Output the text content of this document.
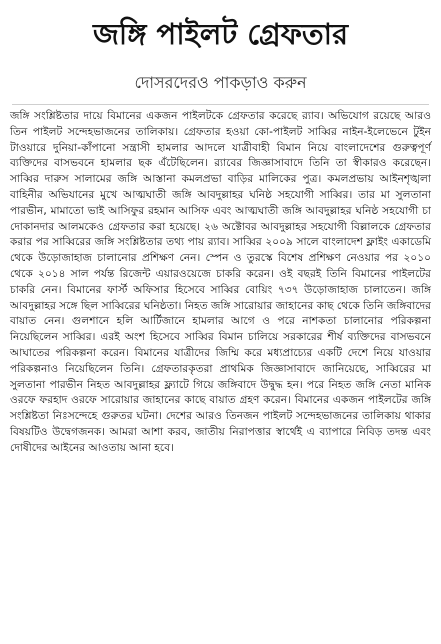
জঙ্গি পাইলট গ্রেফতার
দোসরদেরও পাকড়াও করুন

জঙ্গি সংশ্লিষ্টতার দায়ে বিমানের একজন পাইলটকে গ্রেফতার করেছে র‍্যাব। অভিযোগ রয়েছে আরও তিন পাইলট সন্দেহভাজনের তালিকায়। গ্রেফতার হওয়া কো-পাইলট সাব্বির নাইন-ইলেভেনে টুইন টাওয়ারে দুনিয়া-কাঁপানো সন্ত্রাসী হামলার আদলে যাত্রীবাহী বিমান নিয়ে বাংলাদেশের গুরুত্বপূর্ণ ব্যক্তিদের বাসভবনে হামলার ছক এঁটেছিলেন। র‍্যাবের জিজ্ঞাসাবাদে তিনি তা স্বীকারও করেছেন। সাব্বির দারুস সালামের জঙ্গি আস্তানা কমলপ্রভা বাড়ির মালিকের পুত্র। কমলপ্রভায় আইনশৃঙ্খলা বাহিনীর অভিযানের মুখে আত্মঘাতী জঙ্গি আবদুল্লাহর ঘনিষ্ঠ সহযোগী সাব্বির। তার মা সুলতানা পারভীন, মামাতো ভাই আসিফুর রহমান আসিফ এবং আত্মঘাতী জঙ্গি আবদুল্লাহর ঘনিষ্ঠ সহযোগী চা দোকানদার আলমকেও গ্রেফতার করা হয়েছে। ২৬ অক্টোবর আবদুল্লাহর সহযোগী বিল্লালকে গ্রেফতার করার পর সাব্বিরের জঙ্গি সংশ্লিষ্টতার তথ্য পায় র‍্যাব। সাব্বির ২০০৯ সালে বাংলাদেশ ফ্লাইং একাডেমি থেকে উড়োজাহাজ চালানোর প্রশিক্ষণ নেন। স্পেন ও তুরস্কে বিশেষ প্রশিক্ষণ নেওয়ার পর ২০১০ থেকে ২০১৪ সাল পর্যন্ত রিজেন্ট এয়ারওয়েজে চাকরি করেন। ওই বছরই তিনি বিমানের পাইলটের চাকরি নেন। বিমানের ফার্স্ট অফিসার হিসেবে সাব্বির বোয়িং ৭৩৭ উড়োজাহাজ চালাতেন। জঙ্গি আবদুল্লাহর সঙ্গে ছিল সাব্বিরের ঘনিষ্ঠতা। নিহত জঙ্গি সারোয়ার জাহানের কাছ থেকে তিনি জঙ্গিবাদের বায়াত নেন। গুলশানে হলি আর্টিজানে হামলার আগে ও পরে নাশকতা চালানোর পরিকল্পনা নিয়েছিলেন সাব্বির। এরই অংশ হিসেবে সাব্বির বিমান চালিয়ে সরকারের শীর্ষ ব্যক্তিদের বাসভবনে আঘাতের পরিকল্পনা করেন। বিমানের যাত্রীদের জিম্মি করে মধ্যপ্রাচ্যের একটি দেশে নিয়ে যাওয়ার পরিকল্পনাও নিয়েছিলেন তিনি। গ্রেফতারকৃতরা প্রাথমিক জিজ্ঞাসাবাদে জানিয়েছে, সাব্বিরের মা সুলতানা পারভীন নিহত আবদুল্লাহর ফ্ল্যাটে গিয়ে জঙ্গিবাদে উদ্বুদ্ধ হন। পরে নিহত জঙ্গি নেতা মানিক ওরফে ফরহাদ ওরফে সারোয়ার জাহানের কাছে বায়াত গ্রহণ করেন। বিমানের একজন পাইলটের জঙ্গি সংশ্লিষ্টতা নিঃসন্দেহে গুরুতর ঘটনা। দেশের আরও তিনজন পাইলট সন্দেহভাজনের তালিকায় থাকার বিষয়টিও উদ্বেগজনক। আমরা আশা করব, জাতীয় নিরাপত্তার স্বার্থেই এ ব্যাপারে নিবিড় তদন্ত এবং দোষীদের আইনের আওতায় আনা হবে।
